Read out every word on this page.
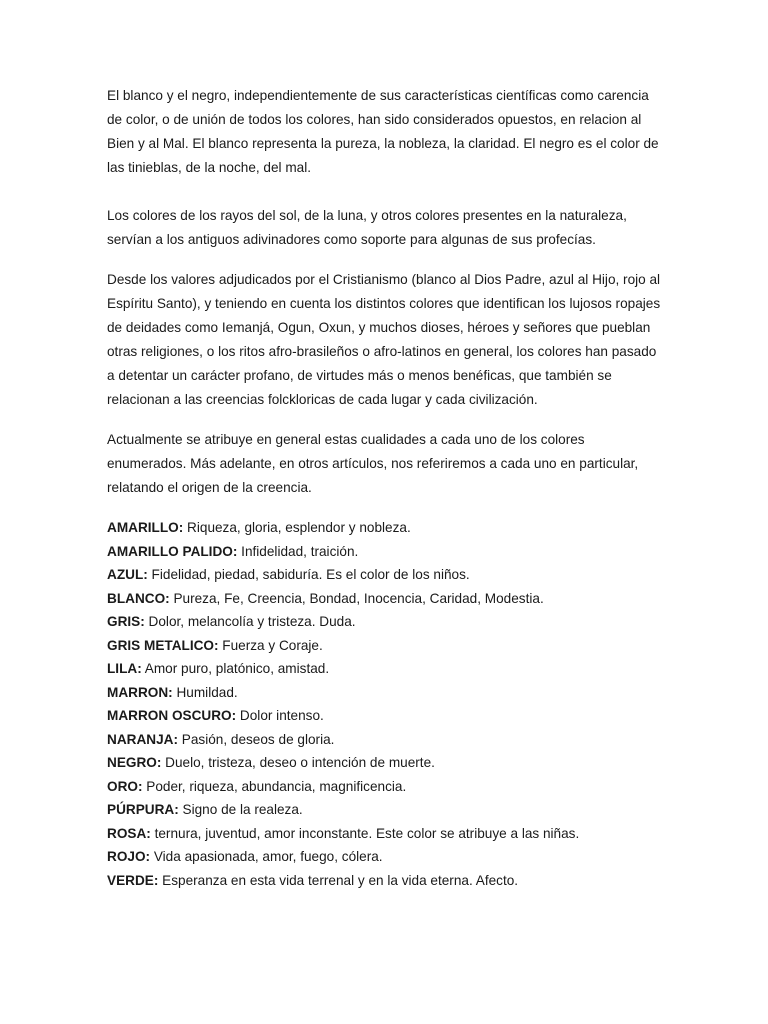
El blanco y el negro, independientemente de sus características científicas como carencia de color, o de unión de todos los colores, han sido considerados opuestos, en relacion al Bien y al Mal. El blanco representa la pureza, la nobleza, la claridad. El negro es el color de las tinieblas, de la noche, del mal.

Los colores de los rayos del sol, de la luna, y otros colores presentes en la naturaleza, servían a los antiguos adivinadores como soporte para algunas de sus profecías.

Desde los valores adjudicados por el Cristianismo (blanco al Dios Padre, azul al Hijo, rojo al Espíritu Santo), y teniendo en cuenta los distintos colores que identifican los lujosos ropajes de deidades como Iemanjá, Ogun, Oxun, y muchos dioses, héroes y señores que pueblan otras religiones, o los ritos afro-brasileños o afro-latinos en general, los colores han pasado a detentar un carácter profano, de virtudes más o menos benéficas, que también se relacionan a las creencias folckloricas de cada lugar y cada civilización.

Actualmente se atribuye en general estas cualidades a cada uno de los colores enumerados. Más adelante, en otros artículos, nos referiremos a cada uno en particular, relatando el origen de la creencia.

AMARILLO: Riqueza, gloria, esplendor y nobleza.
AMARILLO PALIDO: Infidelidad, traición.
AZUL: Fidelidad, piedad, sabiduría. Es el color de los niños.
BLANCO: Pureza, Fe, Creencia, Bondad, Inocencia, Caridad, Modestia.
GRIS: Dolor, melancolía y tristeza. Duda.
GRIS METALICO: Fuerza y Coraje.
LILA: Amor puro, platónico, amistad.
MARRON: Humildad.
MARRON OSCURO: Dolor intenso.
NARANJA: Pasión, deseos de gloria.
NEGRO: Duelo, tristeza, deseo o intención de muerte.
ORO: Poder, riqueza, abundancia, magnificencia.
PÚRPURA: Signo de la realeza.
ROSA: ternura, juventud, amor inconstante. Este color se atribuye a las niñas.
ROJO: Vida apasionada, amor, fuego, cólera.
VERDE: Esperanza en esta vida terrenal y en la vida eterna. Afecto.
